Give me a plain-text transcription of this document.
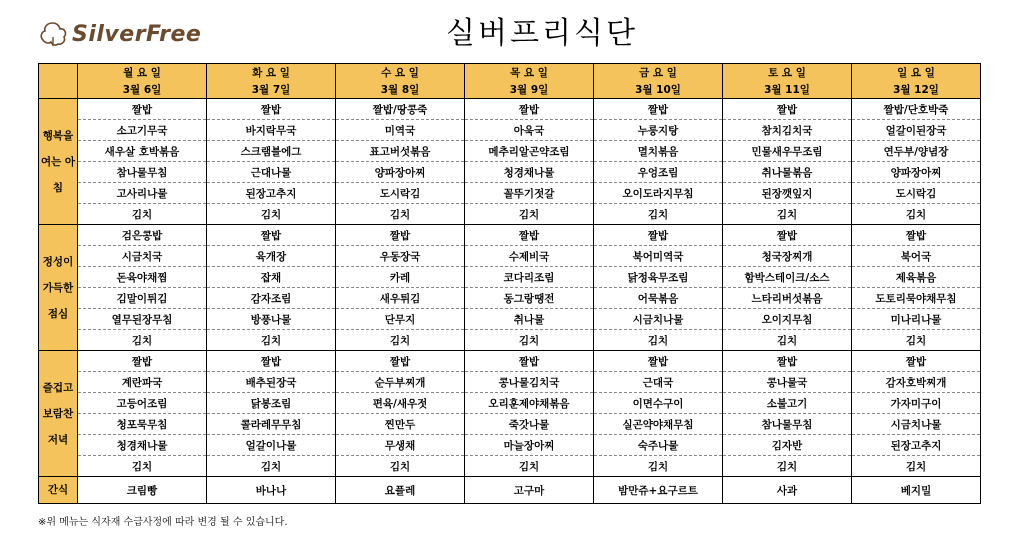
SilverFree	실버프리식단
	월 요 일	화 요 일	수 요 일	목 요 일	금 요 일	토 요 일	일 요 일
	3월 6일	3월 7일	3월 8일	3월 9일	3월 10일	3월 11일	3월 12일
행복을 여는 아침	짤밥	짤밥	짤밥/땅콩죽	짤밥	짤밥	짤밥	짤밥/단호박죽
	소고기무국	바지락무국	미역국	아욱국	누룽지탕	참치김치국	얼갈이된장국
	새우살 호박볶음	스크램블에그	표고버섯볶음	메추리알곤약조림	멸치볶음	민물새우무조림	연두부/양념장
	참나물무침	근대나물	양파장아찌	청경채나물	우엉조림	취나물볶음	양파장아찌
	고사리나물	된장고추지	도시락김	꼴뚜기젓갈	오이도라지무침	된장깻잎지	도시락김
	김치	김치	김치	김치	김치	김치	김치
정성이 가득한 점심	검은콩밥	짤밥	짤밥	짤밥	짤밥	짤밥	짤밥
	시금치국	육개장	우동장국	수제비국	북어미역국	청국장찌개	북어국
	돈육야채찜	잡채	카레	코다리조림	닭정육무조림	함박스테이크/소스	제육볶음
	김말이튀김	감자조림	새우튀김	동그랑땡전	어묵볶음	느타리버섯볶음	도토리묵야채무침
	열무된장무침	방풍나물	단무지	취나물	시금치나물	오이지무침	미나리나물
	김치	김치	김치	김치	김치	김치	김치
즐겁고 보람찬 저녁	짤밥	짤밥	짤밥	짤밥	짤밥	짤밥	짤밥
	계란파국	배추된장국	순두부찌개	콩나물김치국	근대국	콩나물국	감자호박찌개
	고등어조림	닭봉조림	편육/새우젓	오리훈제야채볶음	이면수구이	소불고기	가자미구이
	청포묵무침	콜라레무무침	찐만두	죽갓나물	실곤약야채무침	참나물무침	시금치나물
	청경채나물	얼갈이나물	무생채	마늘장아찌	숙주나물	김자반	된장고추지
	김치	김치	김치	김치	김치	김치	김치
간식	크림빵	바나나	요플레	고구마	밤만쥬+요구르트	사과	베지밀
※위 메뉴는 식자재 수급사정에 따라 변경 될 수 있습니다.
